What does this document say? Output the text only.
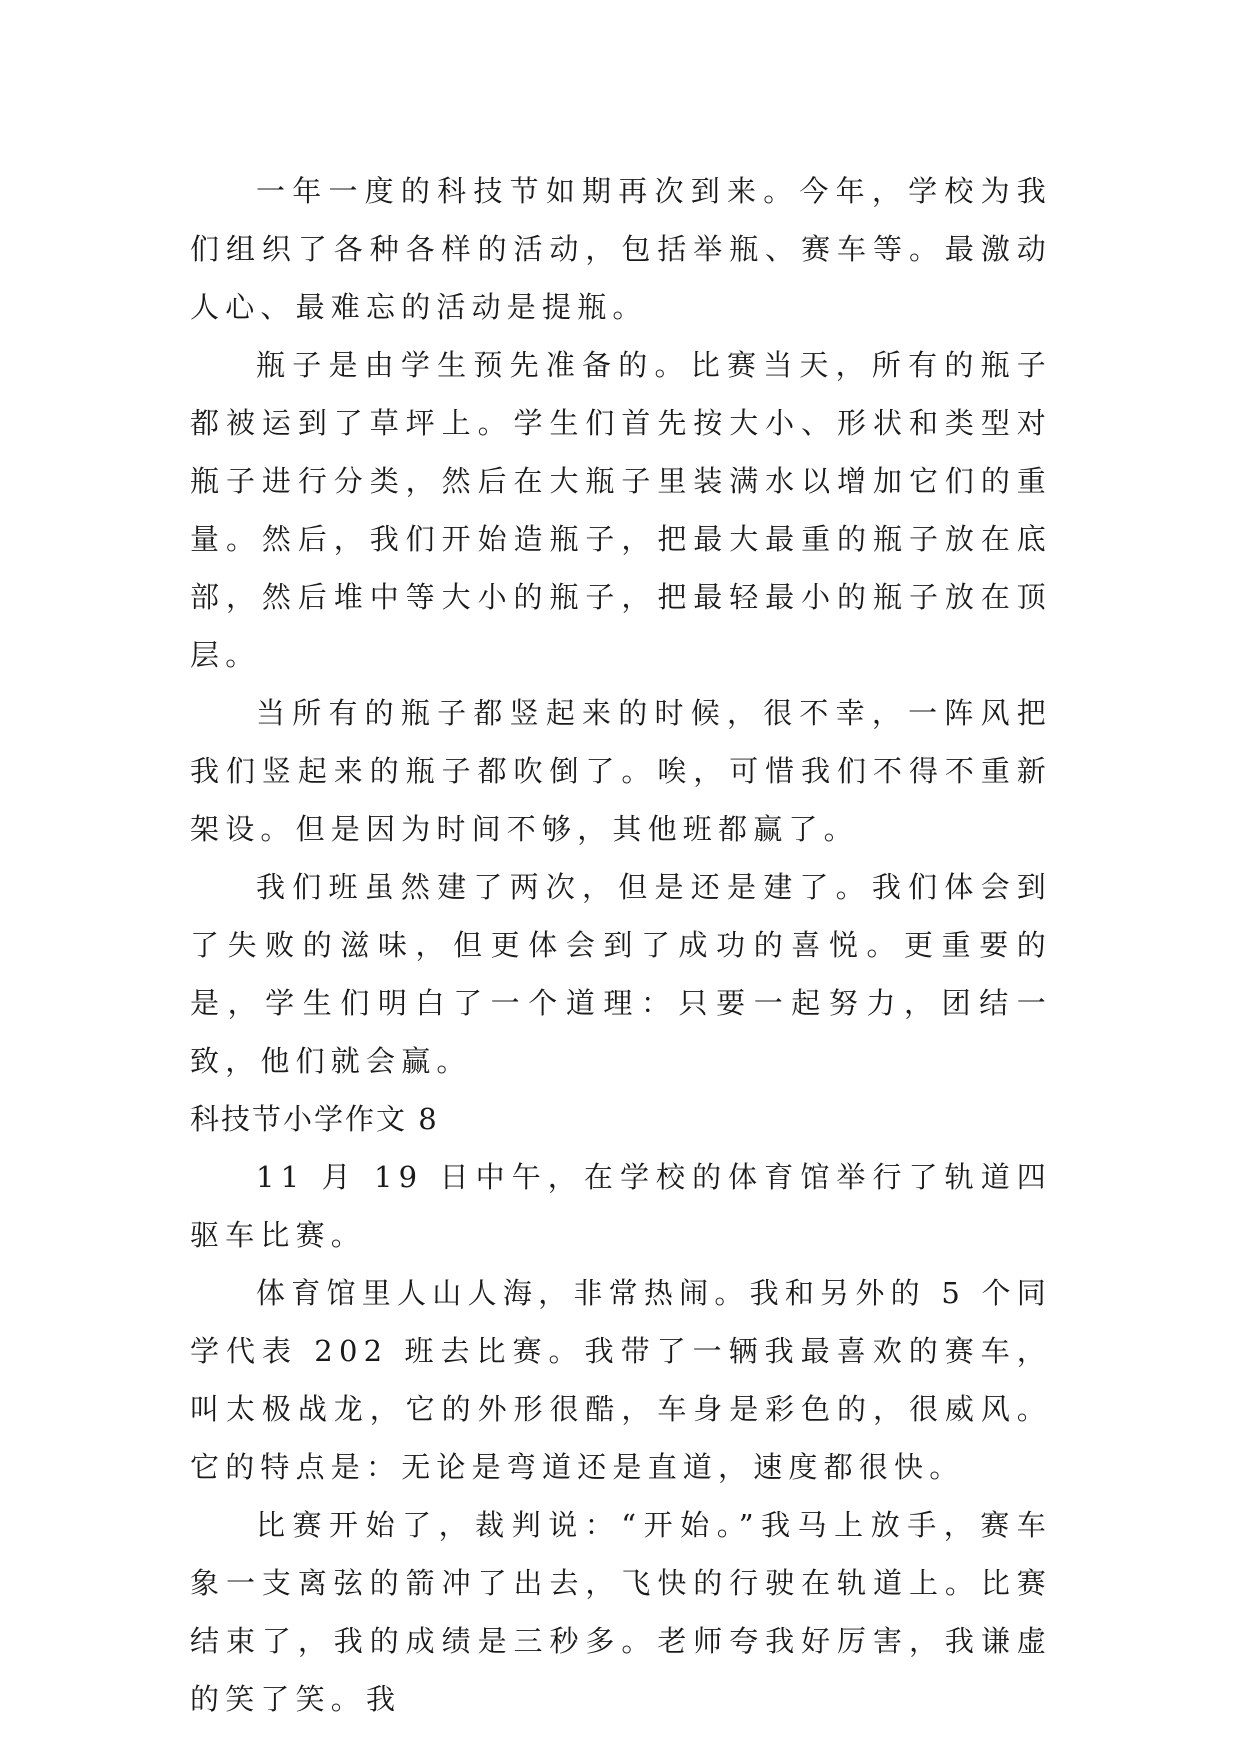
一年一度的科技节如期再次到来。今年，学校为我们组织了各种各样的活动，包括举瓶、赛车等。最激动人心、最难忘的活动是提瓶。

瓶子是由学生预先准备的。比赛当天，所有的瓶子都被运到了草坪上。学生们首先按大小、形状和类型对瓶子进行分类，然后在大瓶子里装满水以增加它们的重量。然后，我们开始造瓶子，把最大最重的瓶子放在底部，然后堆中等大小的瓶子，把最轻最小的瓶子放在顶层。

当所有的瓶子都竖起来的时候，很不幸，一阵风把我们竖起来的瓶子都吹倒了。唉，可惜我们不得不重新架设。但是因为时间不够，其他班都赢了。

我们班虽然建了两次，但是还是建了。我们体会到了失败的滋味，但更体会到了成功的喜悦。更重要的是，学生们明白了一个道理：只要一起努力，团结一致，他们就会赢。

科技节小学作文 8

11 月 19 日中午，在学校的体育馆举行了轨道四驱车比赛。

体育馆里人山人海，非常热闹。我和另外的 5 个同学代表 202 班去比赛。我带了一辆我最喜欢的赛车，叫太极战龙，它的外形很酷，车身是彩色的，很威风。它的特点是：无论是弯道还是直道，速度都很快。

比赛开始了，裁判说：“开始。”我马上放手，赛车象一支离弦的箭冲了出去，飞快的行驶在轨道上。比赛结束了，我的成绩是三秒多。老师夸我好厉害，我谦虚的笑了笑。我
